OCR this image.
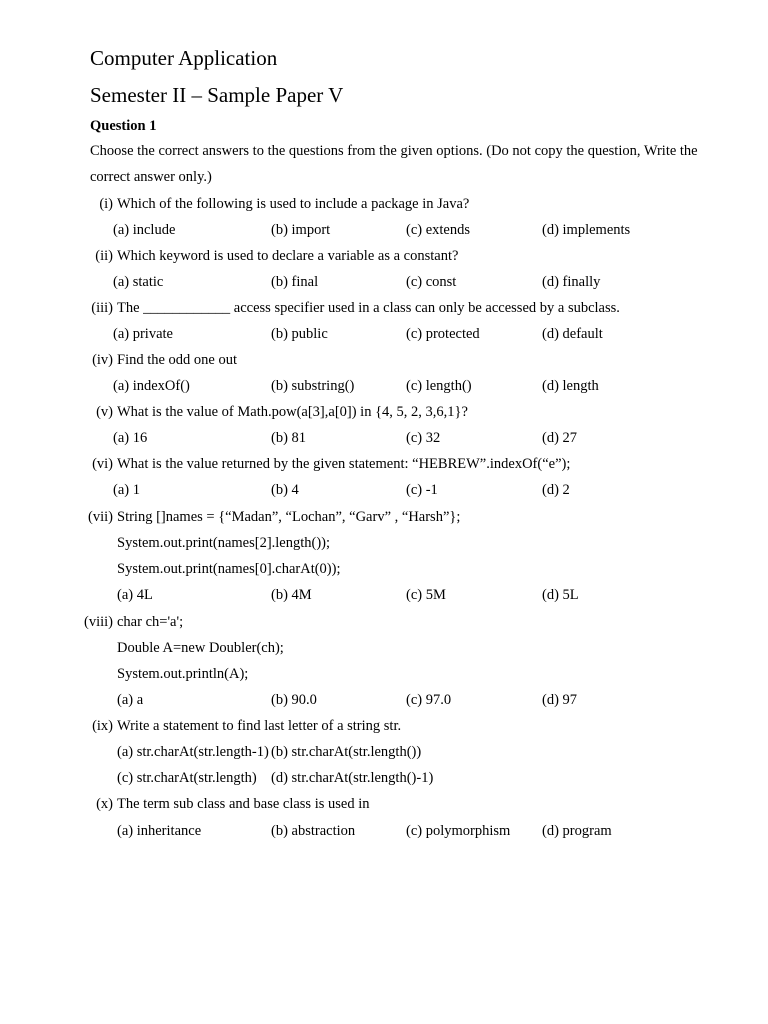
Computer Application
Semester II – Sample Paper V
Question 1
Choose the correct answers to the questions from the given options. (Do not copy the question, Write the
correct answer only.)
(i) Which of the following is used to include a package in Java?
(a) include	(b) import	(c) extends	(d) implements
(ii) Which keyword is used to declare a variable as a constant?
(a) static	(b) final	(c) const	(d) finally
(iii) The ____________ access specifier used in a class can only be accessed by a subclass.
(a) private	(b) public	(c) protected	(d) default
(iv) Find the odd one out
(a) indexOf()	(b) substring()	(c) length()	(d) length
(v) What is the value of Math.pow(a[3],a[0]) in {4, 5, 2, 3,6,1}?
(a) 16	(b) 81	(c) 32	(d) 27
(vi) What is the value returned by the given statement: “HEBREW”.indexOf(“e”);
(a) 1	(b) 4	(c) -1	(d) 2
(vii) String []names = {“Madan”, “Lochan”, “Garv” , “Harsh”};
System.out.print(names[2].length());
System.out.print(names[0].charAt(0));
(a) 4L	(b) 4M	(c) 5M	(d) 5L
(viii) char ch='a';
Double A=new Doubler(ch);
System.out.println(A);
(a) a	(b) 90.0	(c) 97.0	(d) 97
(ix) Write a statement to find last letter of a string str.
(a) str.charAt(str.length-1) (b) str.charAt(str.length())
(c) str.charAt(str.length) (d) str.charAt(str.length()-1)
(x) The term sub class and base class is used in
(a) inheritance	(b) abstraction	(c) polymorphism (d) program
